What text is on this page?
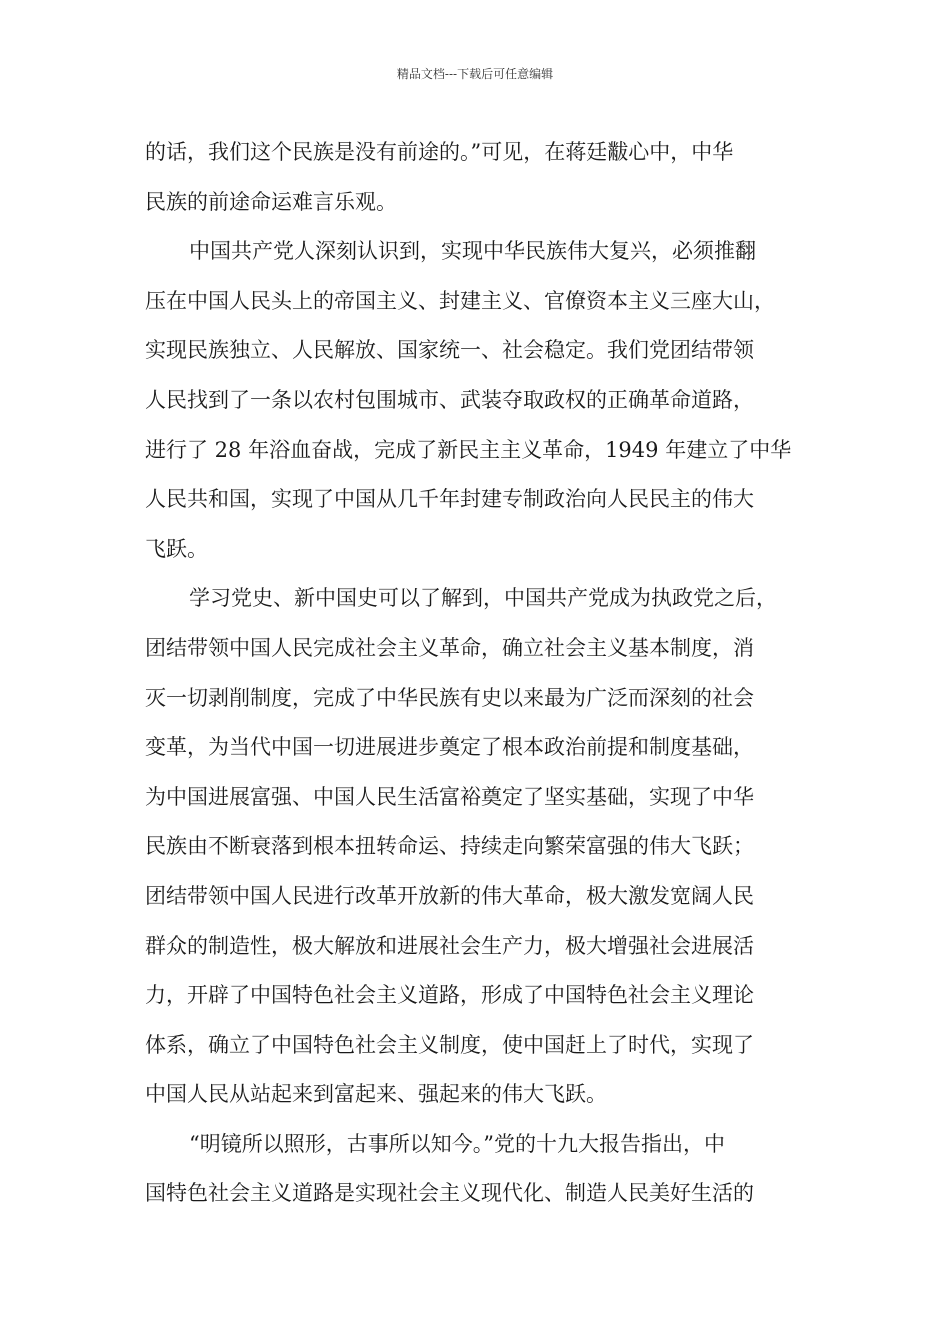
精品文档---下载后可任意编辑
的话，我们这个民族是没有前途的。”可见，在蒋廷黻心中，中华
民族的前途命运难言乐观。
中国共产党人深刻认识到，实现中华民族伟大复兴，必须推翻
压在中国人民头上的帝国主义、封建主义、官僚资本主义三座大山，
实现民族独立、人民解放、国家统一、社会稳定。我们党团结带领
人民找到了一条以农村包围城市、武装夺取政权的正确革命道路，
进行了 28 年浴血奋战，完成了新民主主义革命，1949 年建立了中华
人民共和国，实现了中国从几千年封建专制政治向人民民主的伟大
飞跃。
学习党史、新中国史可以了解到，中国共产党成为执政党之后，
团结带领中国人民完成社会主义革命，确立社会主义基本制度，消
灭一切剥削制度，完成了中华民族有史以来最为广泛而深刻的社会
变革，为当代中国一切进展进步奠定了根本政治前提和制度基础，
为中国进展富强、中国人民生活富裕奠定了坚实基础，实现了中华
民族由不断衰落到根本扭转命运、持续走向繁荣富强的伟大飞跃；
团结带领中国人民进行改革开放新的伟大革命，极大激发宽阔人民
群众的制造性，极大解放和进展社会生产力，极大增强社会进展活
力，开辟了中国特色社会主义道路，形成了中国特色社会主义理论
体系，确立了中国特色社会主义制度，使中国赶上了时代，实现了
中国人民从站起来到富起来、强起来的伟大飞跃。
“明镜所以照形，古事所以知今。”党的十九大报告指出，中
国特色社会主义道路是实现社会主义现代化、制造人民美好生活的
